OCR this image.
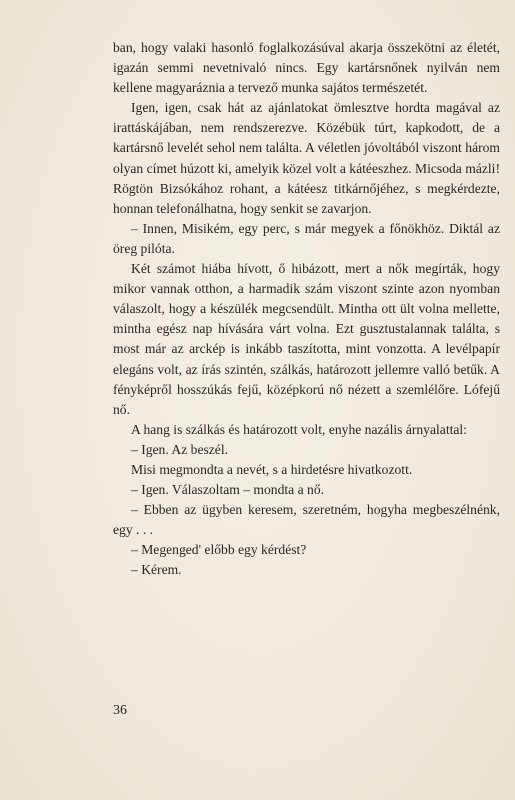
ban, hogy valaki hasonló foglalkozásúval akarja összekötni az életét, igazán semmi nevetnivaló nincs. Egy kartársnőnek nyilván nem kellene magyaráznia a tervező munka sajátos természetét.

Igen, igen, csak hát az ajánlatokat ömlesztve hordta magával az irattáskájában, nem rendszerezve. Közébük túrt, kapkodott, de a kartársnő levelét sehol nem találta. A véletlen jóvoltából viszont három olyan címet húzott ki, amelyik közel volt a kátéeszhez. Micsoda mázli! Rögtön Bizsókához rohant, a kátéesz titkárnőjéhez, s megkérdezte, honnan telefonálhatna, hogy senkit se zavarjon.

– Innen, Misikém, egy perc, s már megyek a főnökhöz. Diktál az öreg pilóta.

Két számot hiába hívott, ő hibázott, mert a nők megírták, hogy mikor vannak otthon, a harmadik szám viszont szinte azon nyomban válaszolt, hogy a készülék megcsendült. Mintha ott ült volna mellette, mintha egész nap hívására várt volna. Ezt gusztustalannak találta, s most már az arckép is inkább taszította, mint vonzotta. A levélpapír elegáns volt, az írás szintén, szálkás, határozott jellemre valló betűk. A fényképről hosszúkás fejű, középkorú nő nézett a szemlélőre. Lófejű nő.

A hang is szálkás és határozott volt, enyhe nazális árnyalattal:

– Igen. Az beszél.

Misi megmondta a nevét, s a hirdetésre hivatkozott.

– Igen. Válaszoltam – mondta a nő.

– Ebben az ügyben keresem, szeretném, hogyha megbeszélnénk, egy . . .

– Megenged' előbb egy kérdést?

– Kérem.

36
